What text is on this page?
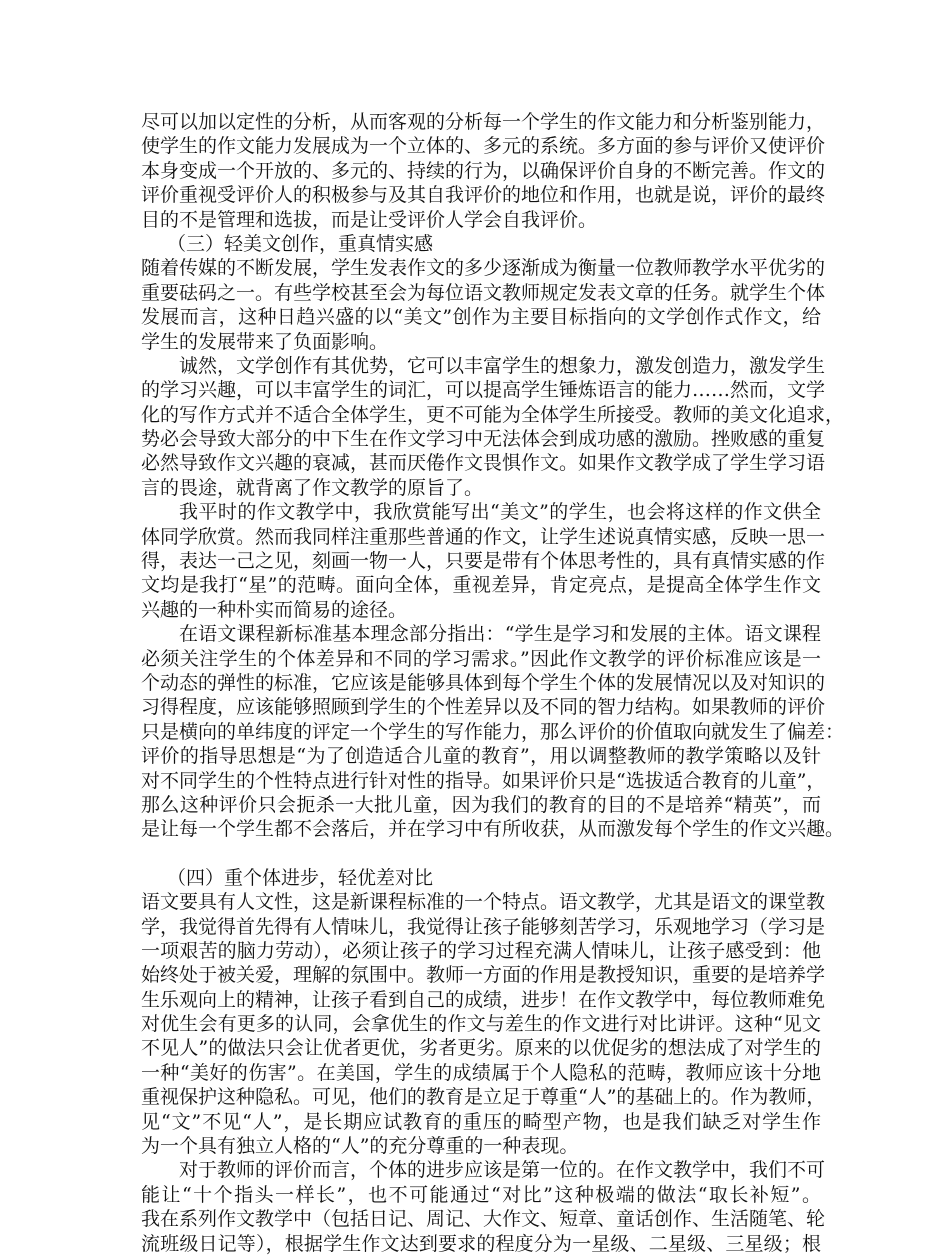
尽可以加以定性的分析，从而客观的分析每一个学生的作文能力和分析鉴别能力，
使学生的作文能力发展成为一个立体的、多元的系统。多方面的参与评价又使评价
本身变成一个开放的、多元的、持续的行为，以确保评价自身的不断完善。作文的
评价重视受评价人的积极参与及其自我评价的地位和作用，也就是说，评价的最终
目的不是管理和选拔，而是让受评价人学会自我评价。
（三）轻美文创作，重真情实感
随着传媒的不断发展，学生发表作文的多少逐渐成为衡量一位教师教学水平优劣的
重要砝码之一。有些学校甚至会为每位语文教师规定发表文章的任务。就学生个体
发展而言，这种日趋兴盛的以“美文”创作为主要目标指向的文学创作式作文，给
学生的发展带来了负面影响。
诚然，文学创作有其优势，它可以丰富学生的想象力，激发创造力，激发学生
的学习兴趣，可以丰富学生的词汇，可以提高学生锤炼语言的能力……然而，文学
化的写作方式并不适合全体学生，更不可能为全体学生所接受。教师的美文化追求，
势必会导致大部分的中下生在作文学习中无法体会到成功感的激励。挫败感的重复
必然导致作文兴趣的衰减，甚而厌倦作文畏惧作文。如果作文教学成了学生学习语
言的畏途，就背离了作文教学的原旨了。
我平时的作文教学中，我欣赏能写出“美文”的学生，也会将这样的作文供全
体同学欣赏。然而我同样注重那些普通的作文，让学生述说真情实感，反映一思一
得，表达一己之见，刻画一物一人，只要是带有个体思考性的，具有真情实感的作
文均是我打“星”的范畴。面向全体，重视差异，肯定亮点，是提高全体学生作文
兴趣的一种朴实而简易的途径。
在语文课程新标准基本理念部分指出：“学生是学习和发展的主体。语文课程
必须关注学生的个体差异和不同的学习需求。”因此作文教学的评价标准应该是一
个动态的弹性的标准，它应该是能够具体到每个学生个体的发展情况以及对知识的
习得程度，应该能够照顾到学生的个性差异以及不同的智力结构。如果教师的评价
只是横向的单纬度的评定一个学生的写作能力，那么评价的价值取向就发生了偏差：
评价的指导思想是“为了创造适合儿童的教育”，用以调整教师的教学策略以及针
对不同学生的个性特点进行针对性的指导。如果评价只是“选拔适合教育的儿童”，
那么这种评价只会扼杀一大批儿童，因为我们的教育的目的不是培养“精英”，而
是让每一个学生都不会落后，并在学习中有所收获，从而激发每个学生的作文兴趣。
（四）重个体进步，轻优差对比
语文要具有人文性，这是新课程标准的一个特点。语文教学，尤其是语文的课堂教
学，我觉得首先得有人情味儿，我觉得让孩子能够刻苦学习，乐观地学习（学习是
一项艰苦的脑力劳动），必须让孩子的学习过程充满人情味儿，让孩子感受到：他
始终处于被关爱，理解的氛围中。教师一方面的作用是教授知识，重要的是培养学
生乐观向上的精神，让孩子看到自己的成绩，进步！在作文教学中，每位教师难免
对优生会有更多的认同，会拿优生的作文与差生的作文进行对比讲评。这种“见文
不见人”的做法只会让优者更优，劣者更劣。原来的以优促劣的想法成了对学生的
一种“美好的伤害”。在美国，学生的成绩属于个人隐私的范畴，教师应该十分地
重视保护这种隐私。可见，他们的教育是立足于尊重“人”的基础上的。作为教师，
见“文”不见“人”，是长期应试教育的重压的畸型产物，也是我们缺乏对学生作
为一个具有独立人格的“人”的充分尊重的一种表现。
对于教师的评价而言，个体的进步应该是第一位的。在作文教学中，我们不可
能让“十个指头一样长”，也不可能通过“对比”这种极端的做法“取长补短”。
我在系列作文教学中（包括日记、周记、大作文、短章、童话创作、生活随笔、轮
流班级日记等），根据学生作文达到要求的程度分为一星级、二星级、三星级；根
